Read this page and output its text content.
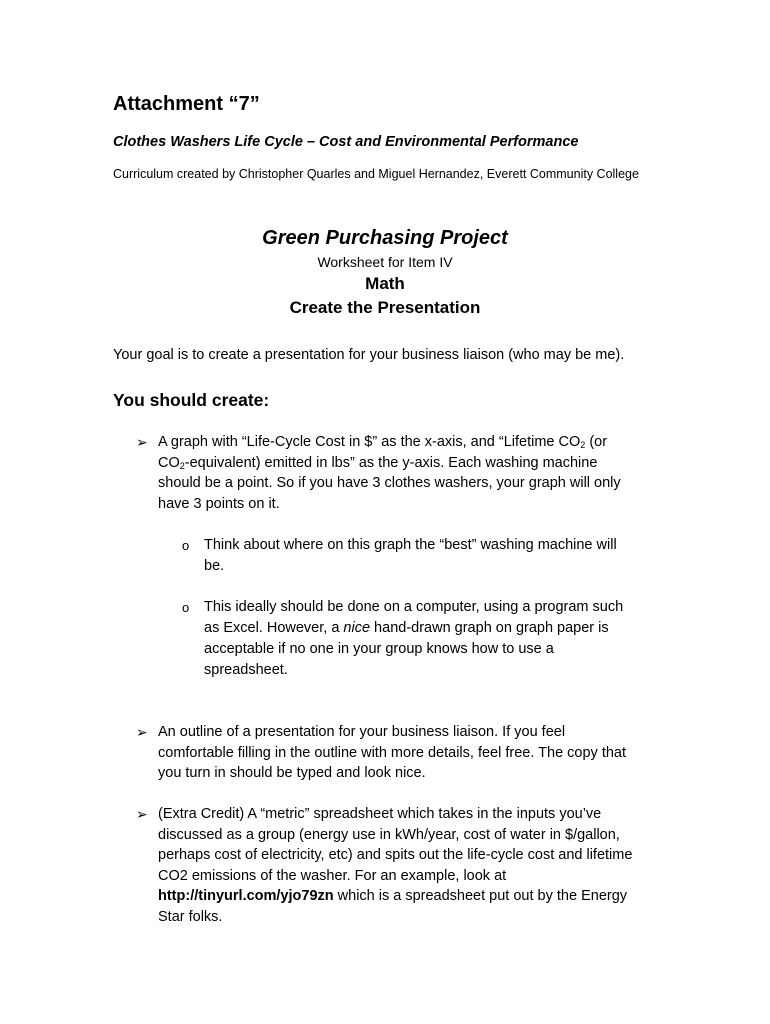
Attachment “7”
Clothes Washers Life Cycle – Cost and Environmental Performance
Curriculum created by Christopher Quarles and Miguel Hernandez, Everett Community College
Green Purchasing Project
Worksheet for Item IV
Math
Create the Presentation
Your goal is to create a presentation for your business liaison (who may be me).
You should create:
➢ A graph with “Life-Cycle Cost in $” as the x-axis, and “Lifetime $CO_2$ (or
$CO_2-equivalent$) emitted in lbs” as the y-axis. Each washing machine
should be a point. So if you have 3 clothes washers, your graph will only
have 3 points on it.
o Think about where on this graph the “best” washing machine will
be.
o This ideally should be done on a computer, using a program such
as Excel. However, a nice hand-drawn graph on graph paper is
acceptable if no one in your group knows how to use a
spreadsheet.
➢ An outline of a presentation for your business liaison. If you feel
comfortable filling in the outline with more details, feel free. The copy that
you turn in should be typed and look nice.
➢ (Extra Credit) A “metric” spreadsheet which takes in the inputs you’ve
discussed as a group (energy use in kWh/year, cost of water in $/gallon,
perhaps cost of electricity, etc) and spits out the life-cycle cost and lifetime
CO2 emissions of the washer. For an example, look at
http://tinyurl.com/yjo79zn which is a spreadsheet put out by the Energy
Star folks.
